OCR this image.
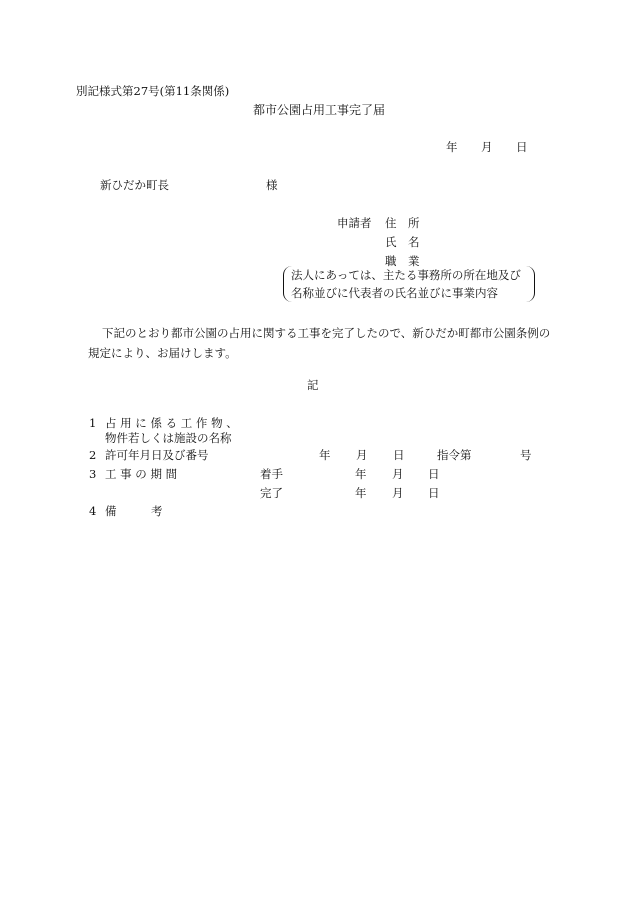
別記様式第27号(第11条関係)
都市公園占用工事完了届
年 月 日
新ひだか町長	様
申請者 住　所
氏　名
職　業
法人にあっては、主たる事務所の所在地及び
名称並びに代表者の氏名並びに事業内容
下記のとおり都市公園の占用に関する工事を完了したので、新ひだか町都市公園条例の規定により、お届けします。
記
1 占 用 に 係 る 工 作 物 、
物件若しくは施設の名称
2 許可年月日及び番号	年 月 日	指令第	号
3 工 事 の 期 間	着手	年 月 日
完了	年 月 日
4 備　　　考
